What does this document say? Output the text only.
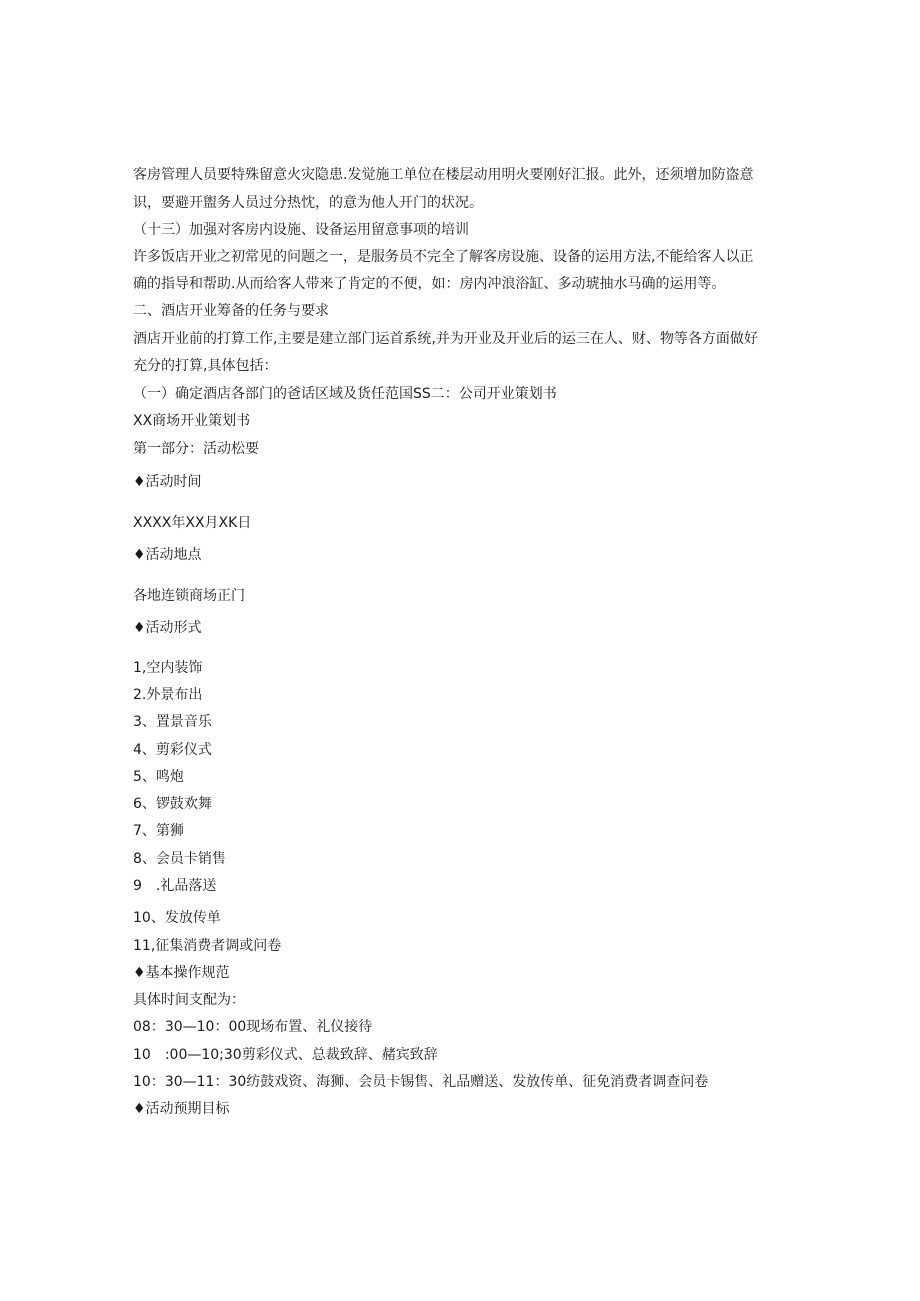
客房管理人员要特殊留意火灾隐患.发觉施工单位在楼层动用明火要刚好汇报。此外，还须增加防盗意
识，要避开盥务人员过分热忱，的意为他人开门的状况。
（十三）加强对客房内设施、设备运用留意事项的培训
许多饭店开业之初常见的问题之一，是服务员不完全了解客房设施、设备的运用方法,不能给客人以正
确的指导和帮助.从而给客人带来了肯定的不便，如：房内冲浪浴缸、多动琥抽水马确的运用等。
二、酒店开业筹备的任务与要求
酒店开业前的打算工作,主要是建立部门运首系统,并为开业及开业后的运三在人、财、物等各方面做好
充分的打算,具体包括：
（一）确定酒店各部门的爸话区域及货任范国SS二：公司开业策划书
XX商场开业策划书
第一部分：活动松要
♦活动时间
XXXX年XX月XK日
♦活动地点
各地连锁商场正门
♦活动形式
1,空内装饰
2.外景布出
3、置景音乐
4、剪彩仪式
5、鸣炮
6、锣鼓欢舞
7、第狮
8、会员卡销售
9　.礼品落送
10、发放传单
11,征集消费者调或问卷
♦基本操作规范
具体时间支配为：
08：30—10：00现场布置、礼仪接待
10　:00—10;30剪彩仪式、总裁致辞、赭宾致辞
10：30—11：30纺鼓戏资、海狮、会员卡锡售、礼品赠送、发放传单、征免消费者调查问卷
♦活动预期目标
